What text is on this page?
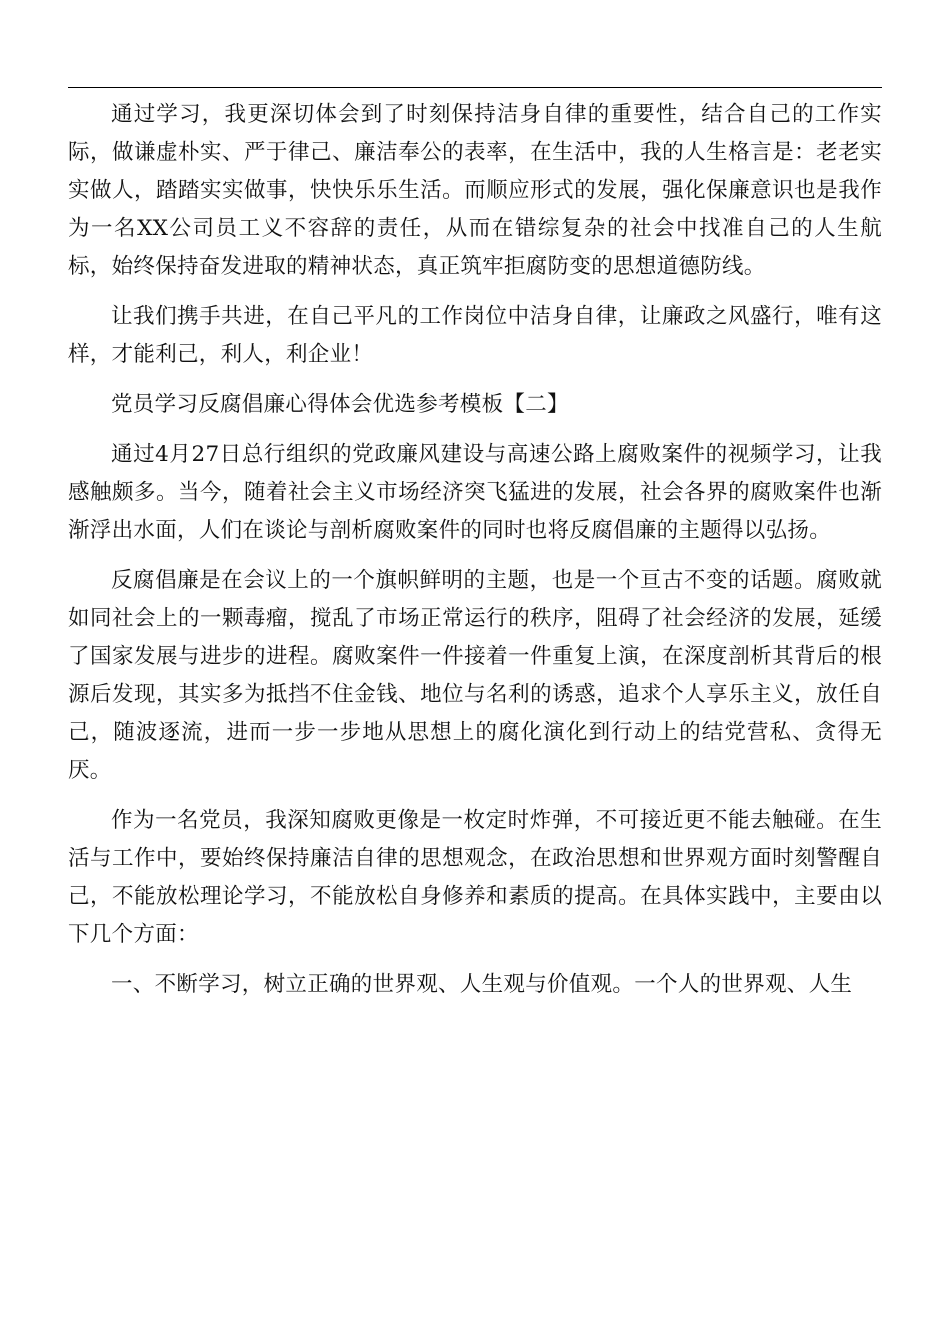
通过学习，我更深切体会到了时刻保持洁身自律的重要性，结合自己的工作实际，做谦虚朴实、严于律己、廉洁奉公的表率，在生活中，我的人生格言是：老老实实做人，踏踏实实做事，快快乐乐生活。而顺应形式的发展，强化保廉意识也是我作为一名XX公司员工义不容辞的责任，从而在错综复杂的社会中找准自己的人生航标，始终保持奋发进取的精神状态，真正筑牢拒腐防变的思想道德防线。

让我们携手共进，在自己平凡的工作岗位中洁身自律，让廉政之风盛行，唯有这样，才能利己，利人，利企业！

党员学习反腐倡廉心得体会优选参考模板【二】

通过4月27日总行组织的党政廉风建设与高速公路上腐败案件的视频学习，让我感触颇多。当今，随着社会主义市场经济突飞猛进的发展，社会各界的腐败案件也渐渐浮出水面，人们在谈论与剖析腐败案件的同时也将反腐倡廉的主题得以弘扬。

反腐倡廉是在会议上的一个旗帜鲜明的主题，也是一个亘古不变的话题。腐败就如同社会上的一颗毒瘤，搅乱了市场正常运行的秩序，阻碍了社会经济的发展，延缓了国家发展与进步的进程。腐败案件一件接着一件重复上演，在深度剖析其背后的根源后发现，其实多为抵挡不住金钱、地位与名利的诱惑，追求个人享乐主义，放任自己，随波逐流，进而一步一步地从思想上的腐化演化到行动上的结党营私、贪得无厌。

作为一名党员，我深知腐败更像是一枚定时炸弹，不可接近更不能去触碰。在生活与工作中，要始终保持廉洁自律的思想观念，在政治思想和世界观方面时刻警醒自己，不能放松理论学习，不能放松自身修养和素质的提高。在具体实践中，主要由以下几个方面：

一、不断学习，树立正确的世界观、人生观与价值观。一个人的世界观、人生
